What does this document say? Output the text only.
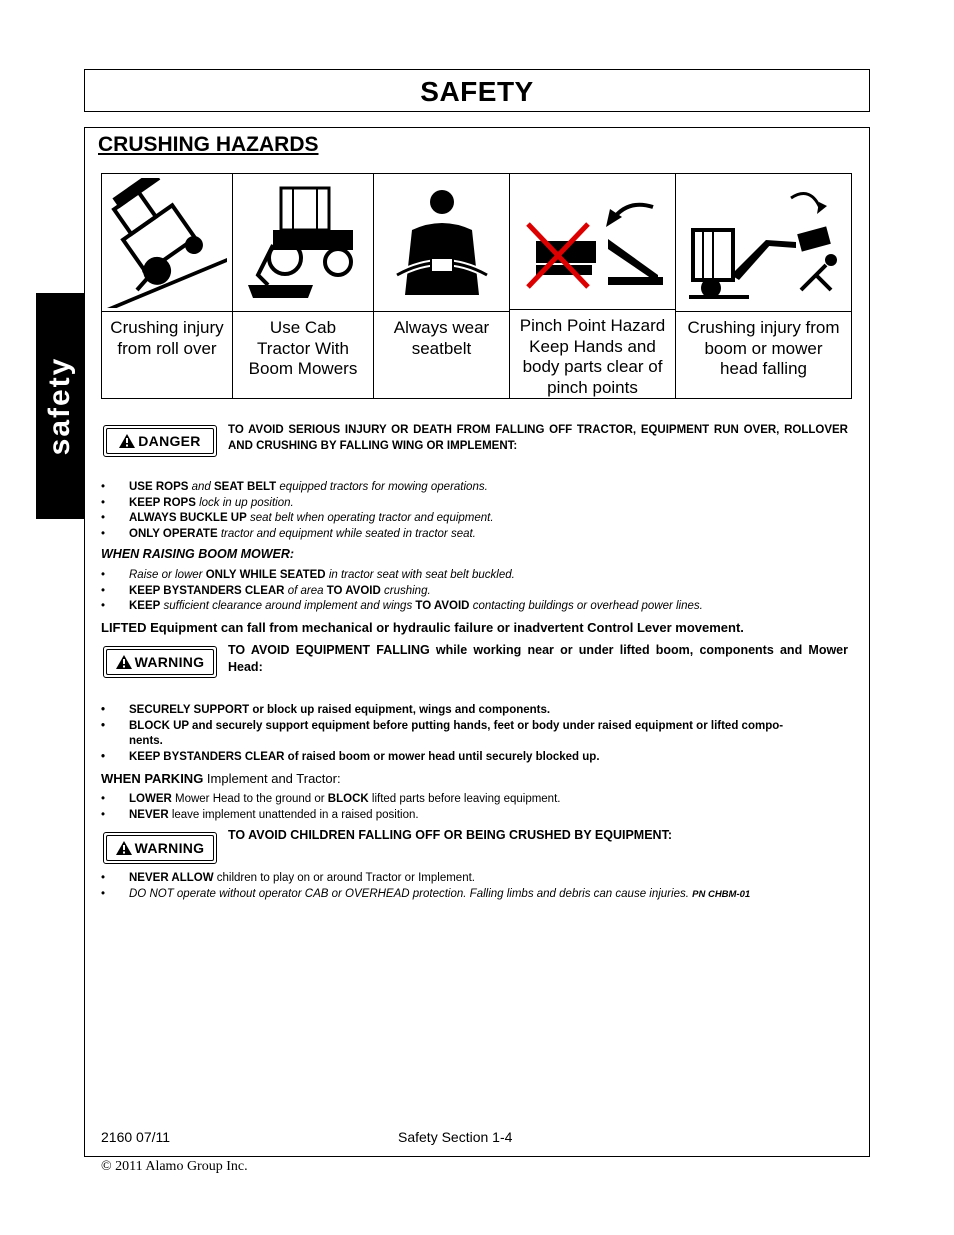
SAFETY
safety
CRUSHING HAZARDS
Crushing injury
from roll over
Use Cab
Tractor With
Boom Mowers
Always wear
seatbelt
Pinch Point Hazard
Keep Hands and
body parts clear of
pinch points
Crushing injury from
boom or mower
head falling
DANGER
TO AVOID SERIOUS INJURY OR DEATH FROM FALLING OFF TRACTOR, EQUIPMENT RUN OVER, ROLLOVER AND CRUSHING BY FALLING WING OR IMPLEMENT:
• USE ROPS and SEAT BELT equipped tractors for mowing operations.
• KEEP ROPS lock in up position.
• ALWAYS BUCKLE UP seat belt when operating tractor and equipment.
• ONLY OPERATE tractor and equipment while seated in tractor seat.
WHEN RAISING BOOM MOWER:
• Raise or lower ONLY WHILE SEATED in tractor seat with seat belt buckled.
• KEEP BYSTANDERS CLEAR of area TO AVOID crushing.
• KEEP sufficient clearance around implement and wings TO AVOID contacting buildings or overhead power lines.
LIFTED Equipment can fall from mechanical or hydraulic failure or inadvertent Control Lever movement.
WARNING
TO AVOID EQUIPMENT FALLING while working near or under lifted boom, components and Mower Head:
• SECURELY SUPPORT or block up raised equipment, wings and components.
• BLOCK UP and securely support equipment before putting hands, feet or body under raised equipment or lifted compo-
nents.
• KEEP BYSTANDERS CLEAR of raised boom or mower head until securely blocked up.
WHEN PARKING Implement and Tractor:
• LOWER Mower Head to the ground or BLOCK lifted parts before leaving equipment.
• NEVER leave implement unattended in a raised position.
WARNING
TO AVOID CHILDREN FALLING OFF OR BEING CRUSHED BY EQUIPMENT:
• NEVER ALLOW children to play on or around Tractor or Implement.
• DO NOT operate without operator CAB or OVERHEAD protection. Falling limbs and debris can cause injuries. PN CHBM-01
2160 07/11	Safety Section 1-4
© 2011 Alamo Group Inc.
